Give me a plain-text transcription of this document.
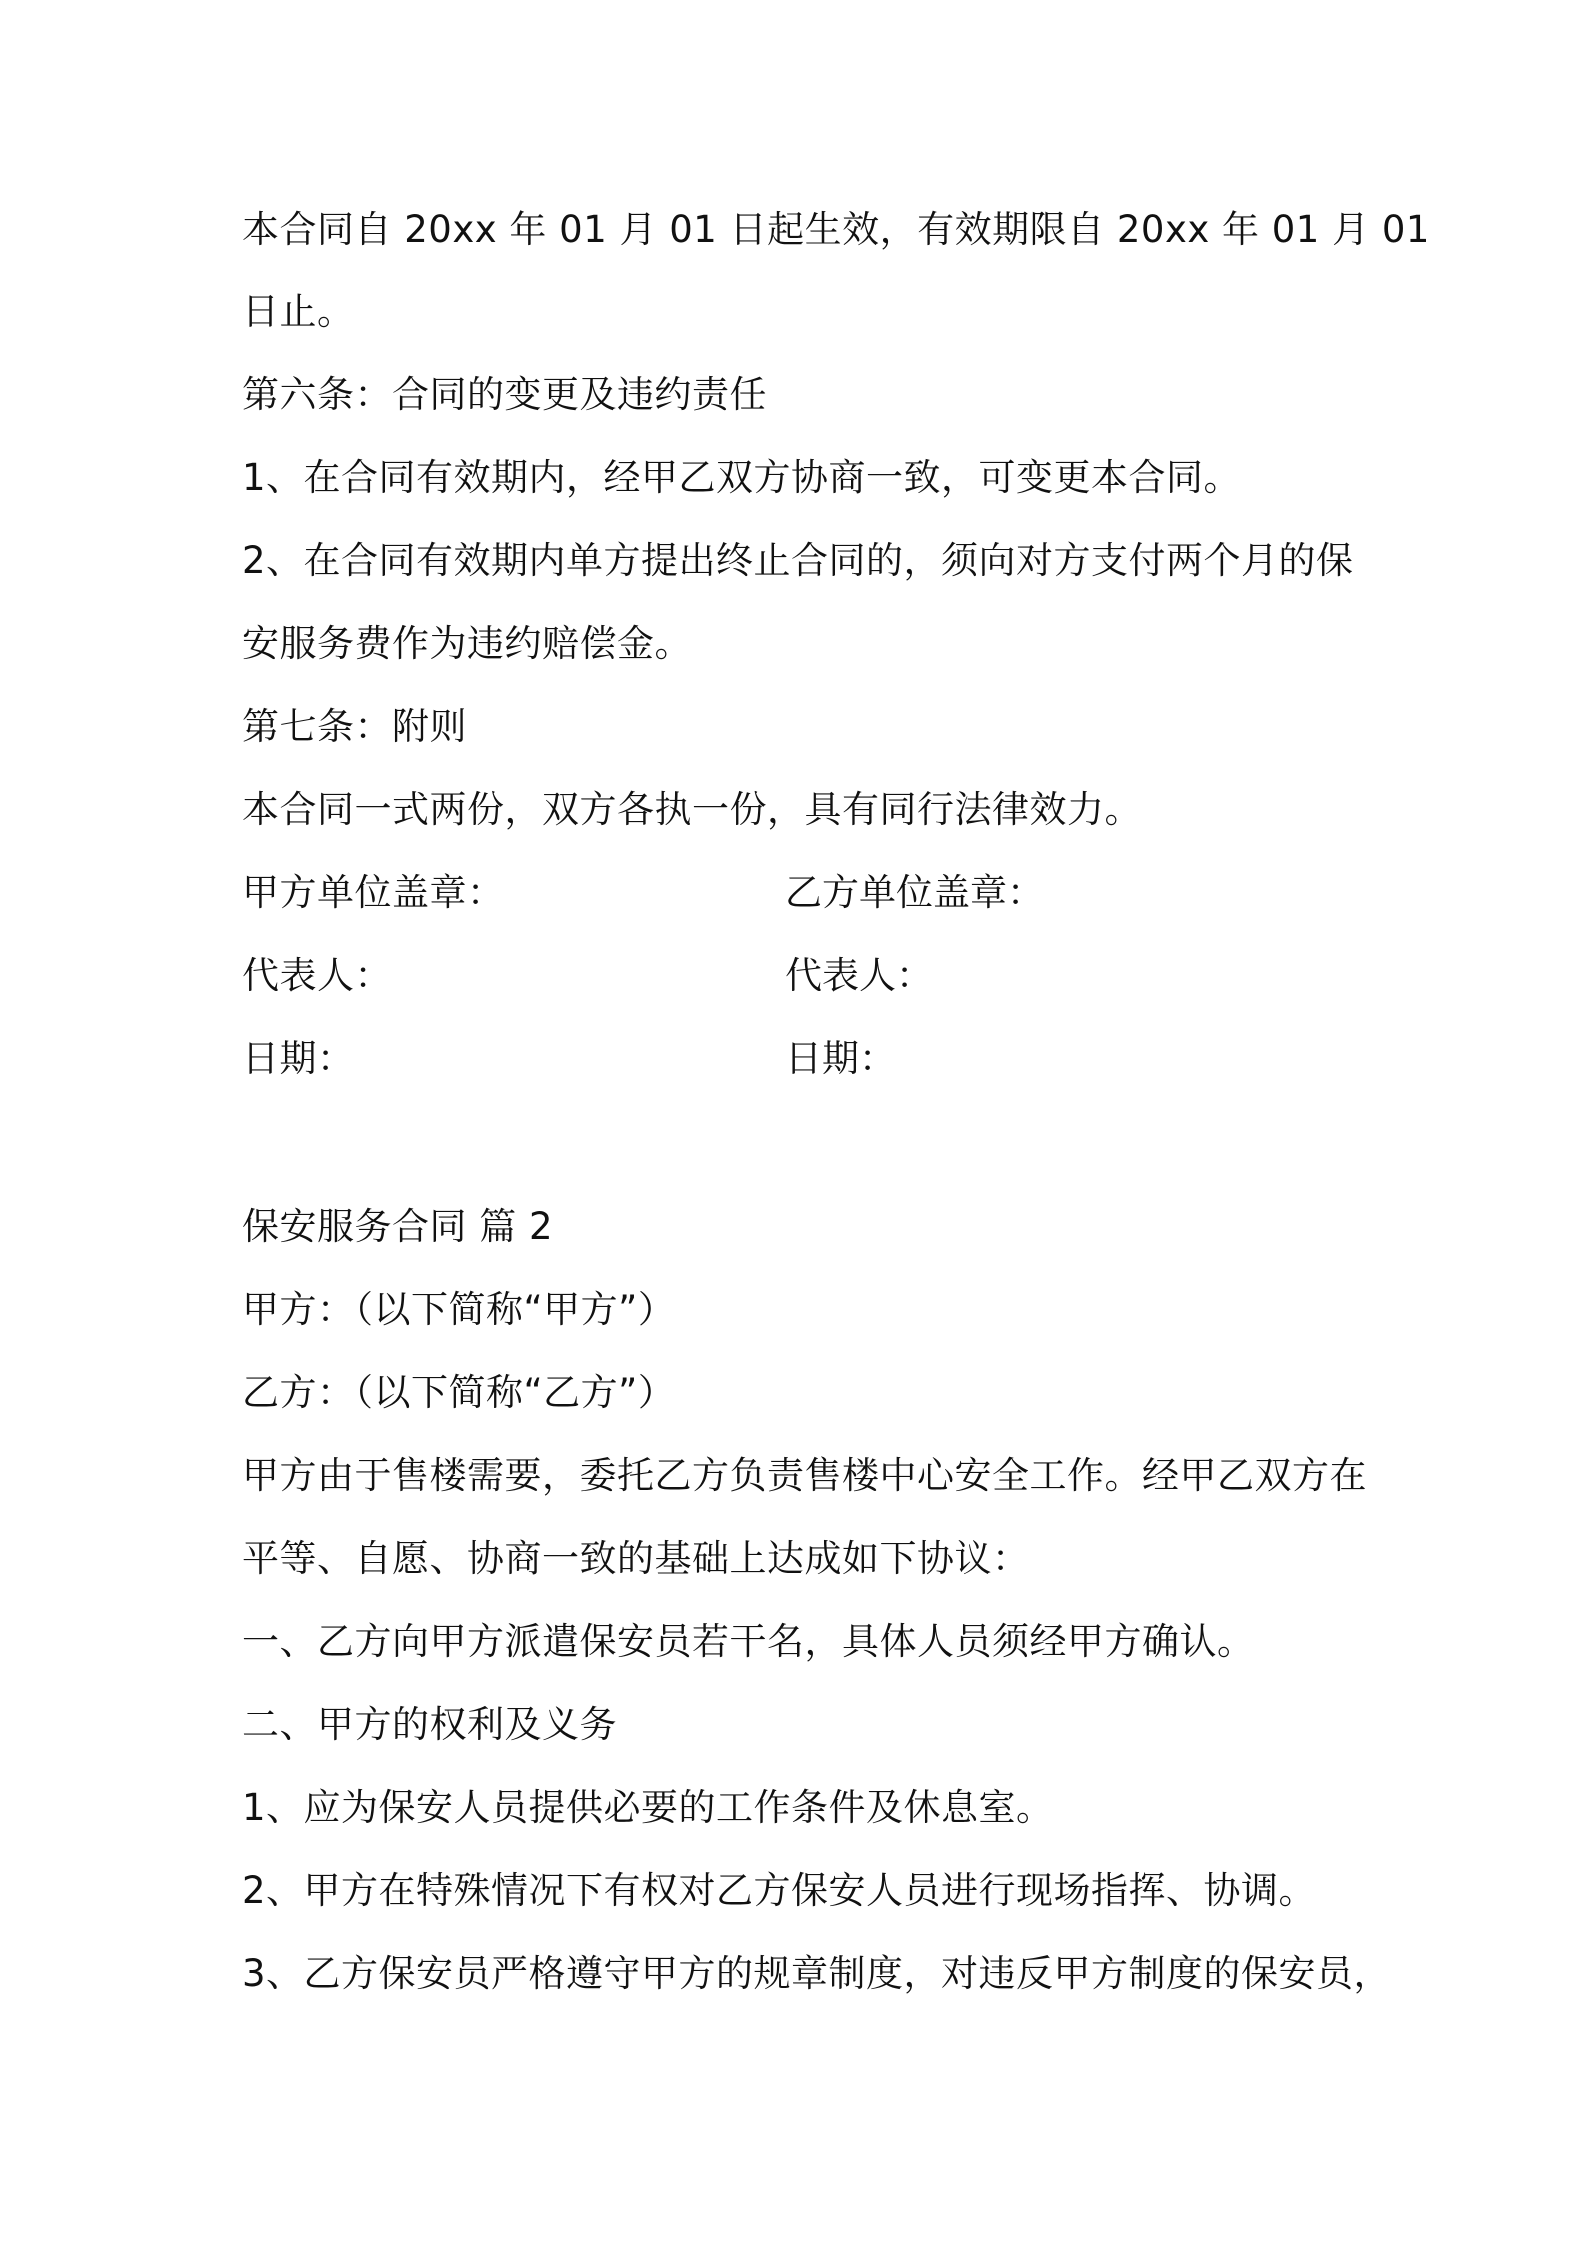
本合同自 20xx 年 01 月 01 日起生效，有效期限自 20xx 年 01 月 01
日止。
第六条：合同的变更及违约责任
1、在合同有效期内，经甲乙双方协商一致，可变更本合同。
2、在合同有效期内单方提出终止合同的，须向对方支付两个月的保
安服务费作为违约赔偿金。
第七条：附则
本合同一式两份，双方各执一份，具有同行法律效力。
甲方单位盖章：	乙方单位盖章：
代表人：	代表人：
日期：	日期：
保安服务合同 篇 2
甲方：（以下简称“甲方”）
乙方：（以下简称“乙方”）
甲方由于售楼需要，委托乙方负责售楼中心安全工作。经甲乙双方在
平等、自愿、协商一致的基础上达成如下协议：
一、乙方向甲方派遣保安员若干名，具体人员须经甲方确认。
二、甲方的权利及义务
1、应为保安人员提供必要的工作条件及休息室。
2、甲方在特殊情况下有权对乙方保安人员进行现场指挥、协调。
3、乙方保安员严格遵守甲方的规章制度，对违反甲方制度的保安员，
